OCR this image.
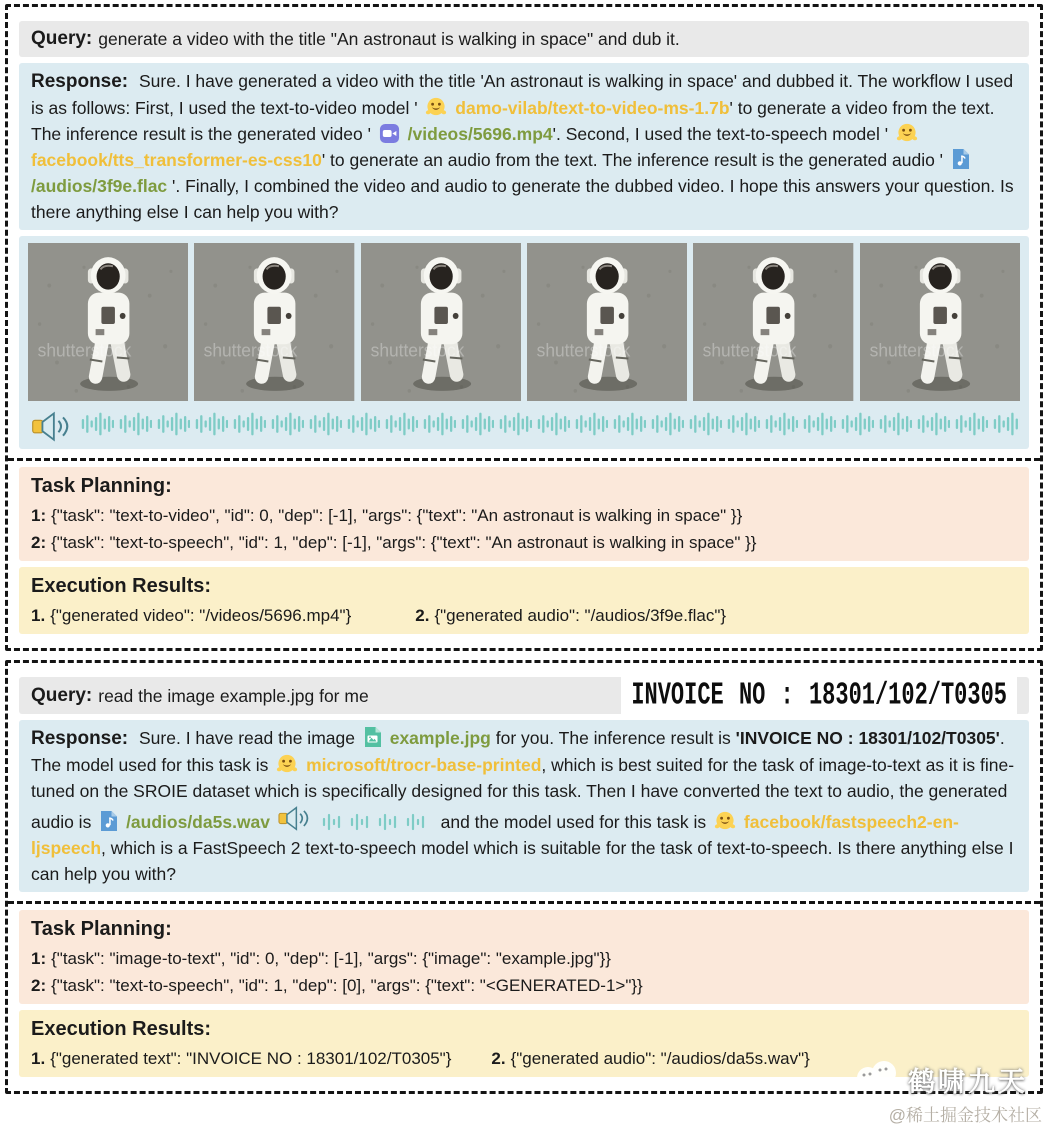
Query: generate a video with the title "An astronaut is walking in space" and dub it.
Response: Sure. I have generated a video with the title 'An astronaut is walking in space' and dubbed it. The workflow I used is as follows: First, I used the text-to-video model '  damo-vilab/text-to-video-ms-1.7b' to generate a video from the text. The inference result is the generated video '  /videos/5696.mp4'. Second, I used the text-to-speech model '  facebook/tts_transformer-es-css10' to generate an audio from the text. The inference result is the generated audio '  /audios/3f9e.flac '. Finally, I combined the video and audio to generate the dubbed video. I hope this answers your question. Is there anything else I can help you with?
shutterstock	shutterstock	shutterstock	shutterstock	shutterstock	shutterstock
Task Planning:
1: {"task": "text-to-video", "id": 0, "dep": [-1], "args": {"text": "An astronaut is walking in space" }}
2: {"task": "text-to-speech", "id": 1, "dep": [-1], "args": {"text": "An astronaut is walking in space" }}
Execution Results:
1. {"generated video": "/videos/5696.mp4"}	2. {"generated audio": "/audios/3f9e.flac"}
Query: read the image example.jpg for me	INVOICE NO : 18301/102/T0305
Response: Sure. I have read the image  example.jpg for you. The inference result is 'INVOICE NO : 18301/102/T0305'. The model used for this task is  microsoft/trocr-base-printed, which is best suited for the task of image-to-text as it is fine-tuned on the SROIE dataset which is specifically designed for this task. Then I have converted the text to audio, the generated audio is  /audios/da5s.wav	and the model used for this task is  facebook/fastspeech2-en-ljspeech, which is a FastSpeech 2 text-to-speech model which is suitable for the task of text-to-speech. Is there anything else I can help you with?
Task Planning:
1: {"task": "image-to-text", "id": 0, "dep": [-1], "args": {"image": "example.jpg"}}
2: {"task": "text-to-speech", "id": 1, "dep": [0], "args": {"text": "<GENERATED-1>"}}
Execution Results:
1. {"generated text": "INVOICE NO : 18301/102/T0305"} 2. {"generated audio": "/audios/da5s.wav"}
鹤啸九天
@稀土掘金技术社区
